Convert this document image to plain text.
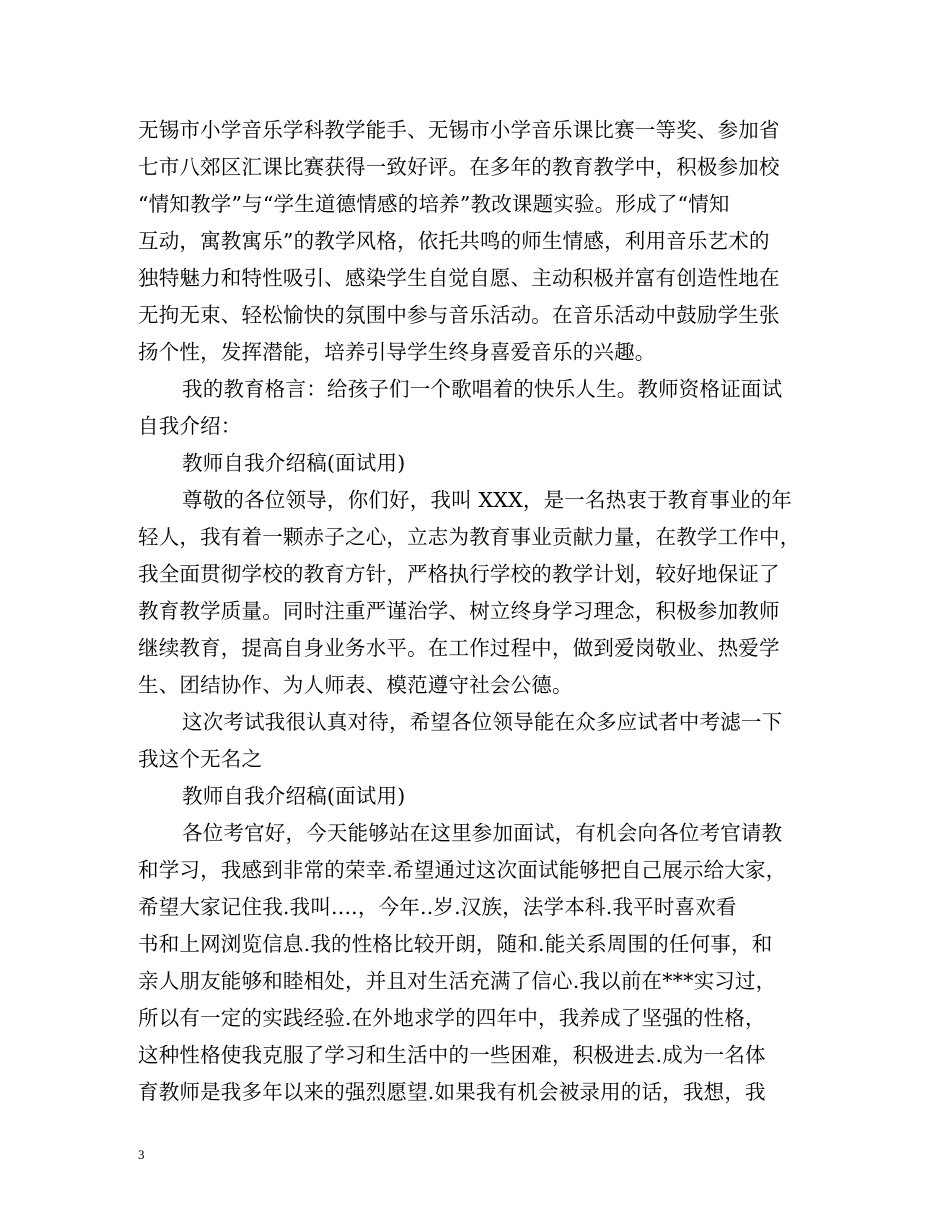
无锡市小学音乐学科教学能手、无锡市小学音乐课比赛一等奖、参加省
七市八郊区汇课比赛获得一致好评。在多年的教育教学中，积极参加校
“情知教学”与“学生道德情感的培养”教改课题实验。形成了“情知
互动，寓教寓乐”的教学风格，依托共鸣的师生情感，利用音乐艺术的
独特魅力和特性吸引、感染学生自觉自愿、主动积极并富有创造性地在
无拘无束、轻松愉快的氛围中参与音乐活动。在音乐活动中鼓励学生张
扬个性，发挥潜能，培养引导学生终身喜爱音乐的兴趣。
我的教育格言：给孩子们一个歌唱着的快乐人生。教师资格证面试
自我介绍：
教师自我介绍稿(面试用)
尊敬的各位领导，你们好，我叫 XXX，是一名热衷于教育事业的年
轻人，我有着一颗赤子之心，立志为教育事业贡献力量，在教学工作中，
我全面贯彻学校的教育方针，严格执行学校的教学计划，较好地保证了
教育教学质量。同时注重严谨治学、树立终身学习理念，积极参加教师
继续教育，提高自身业务水平。在工作过程中，做到爱岗敬业、热爱学
生、团结协作、为人师表、模范遵守社会公德。
这次考试我很认真对待，希望各位领导能在众多应试者中考滤一下
我这个无名之
教师自我介绍稿(面试用)
各位考官好，今天能够站在这里参加面试，有机会向各位考官请教
和学习，我感到非常的荣幸.希望通过这次面试能够把自己展示给大家，
希望大家记住我.我叫....，今年..岁.汉族，法学本科.我平时喜欢看
书和上网浏览信息.我的性格比较开朗，随和.能关系周围的任何事，和
亲人朋友能够和睦相处，并且对生活充满了信心.我以前在***实习过，
所以有一定的实践经验.在外地求学的四年中，我养成了坚强的性格，
这种性格使我克服了学习和生活中的一些困难，积极进去.成为一名体
育教师是我多年以来的强烈愿望.如果我有机会被录用的话，我想，我
3
